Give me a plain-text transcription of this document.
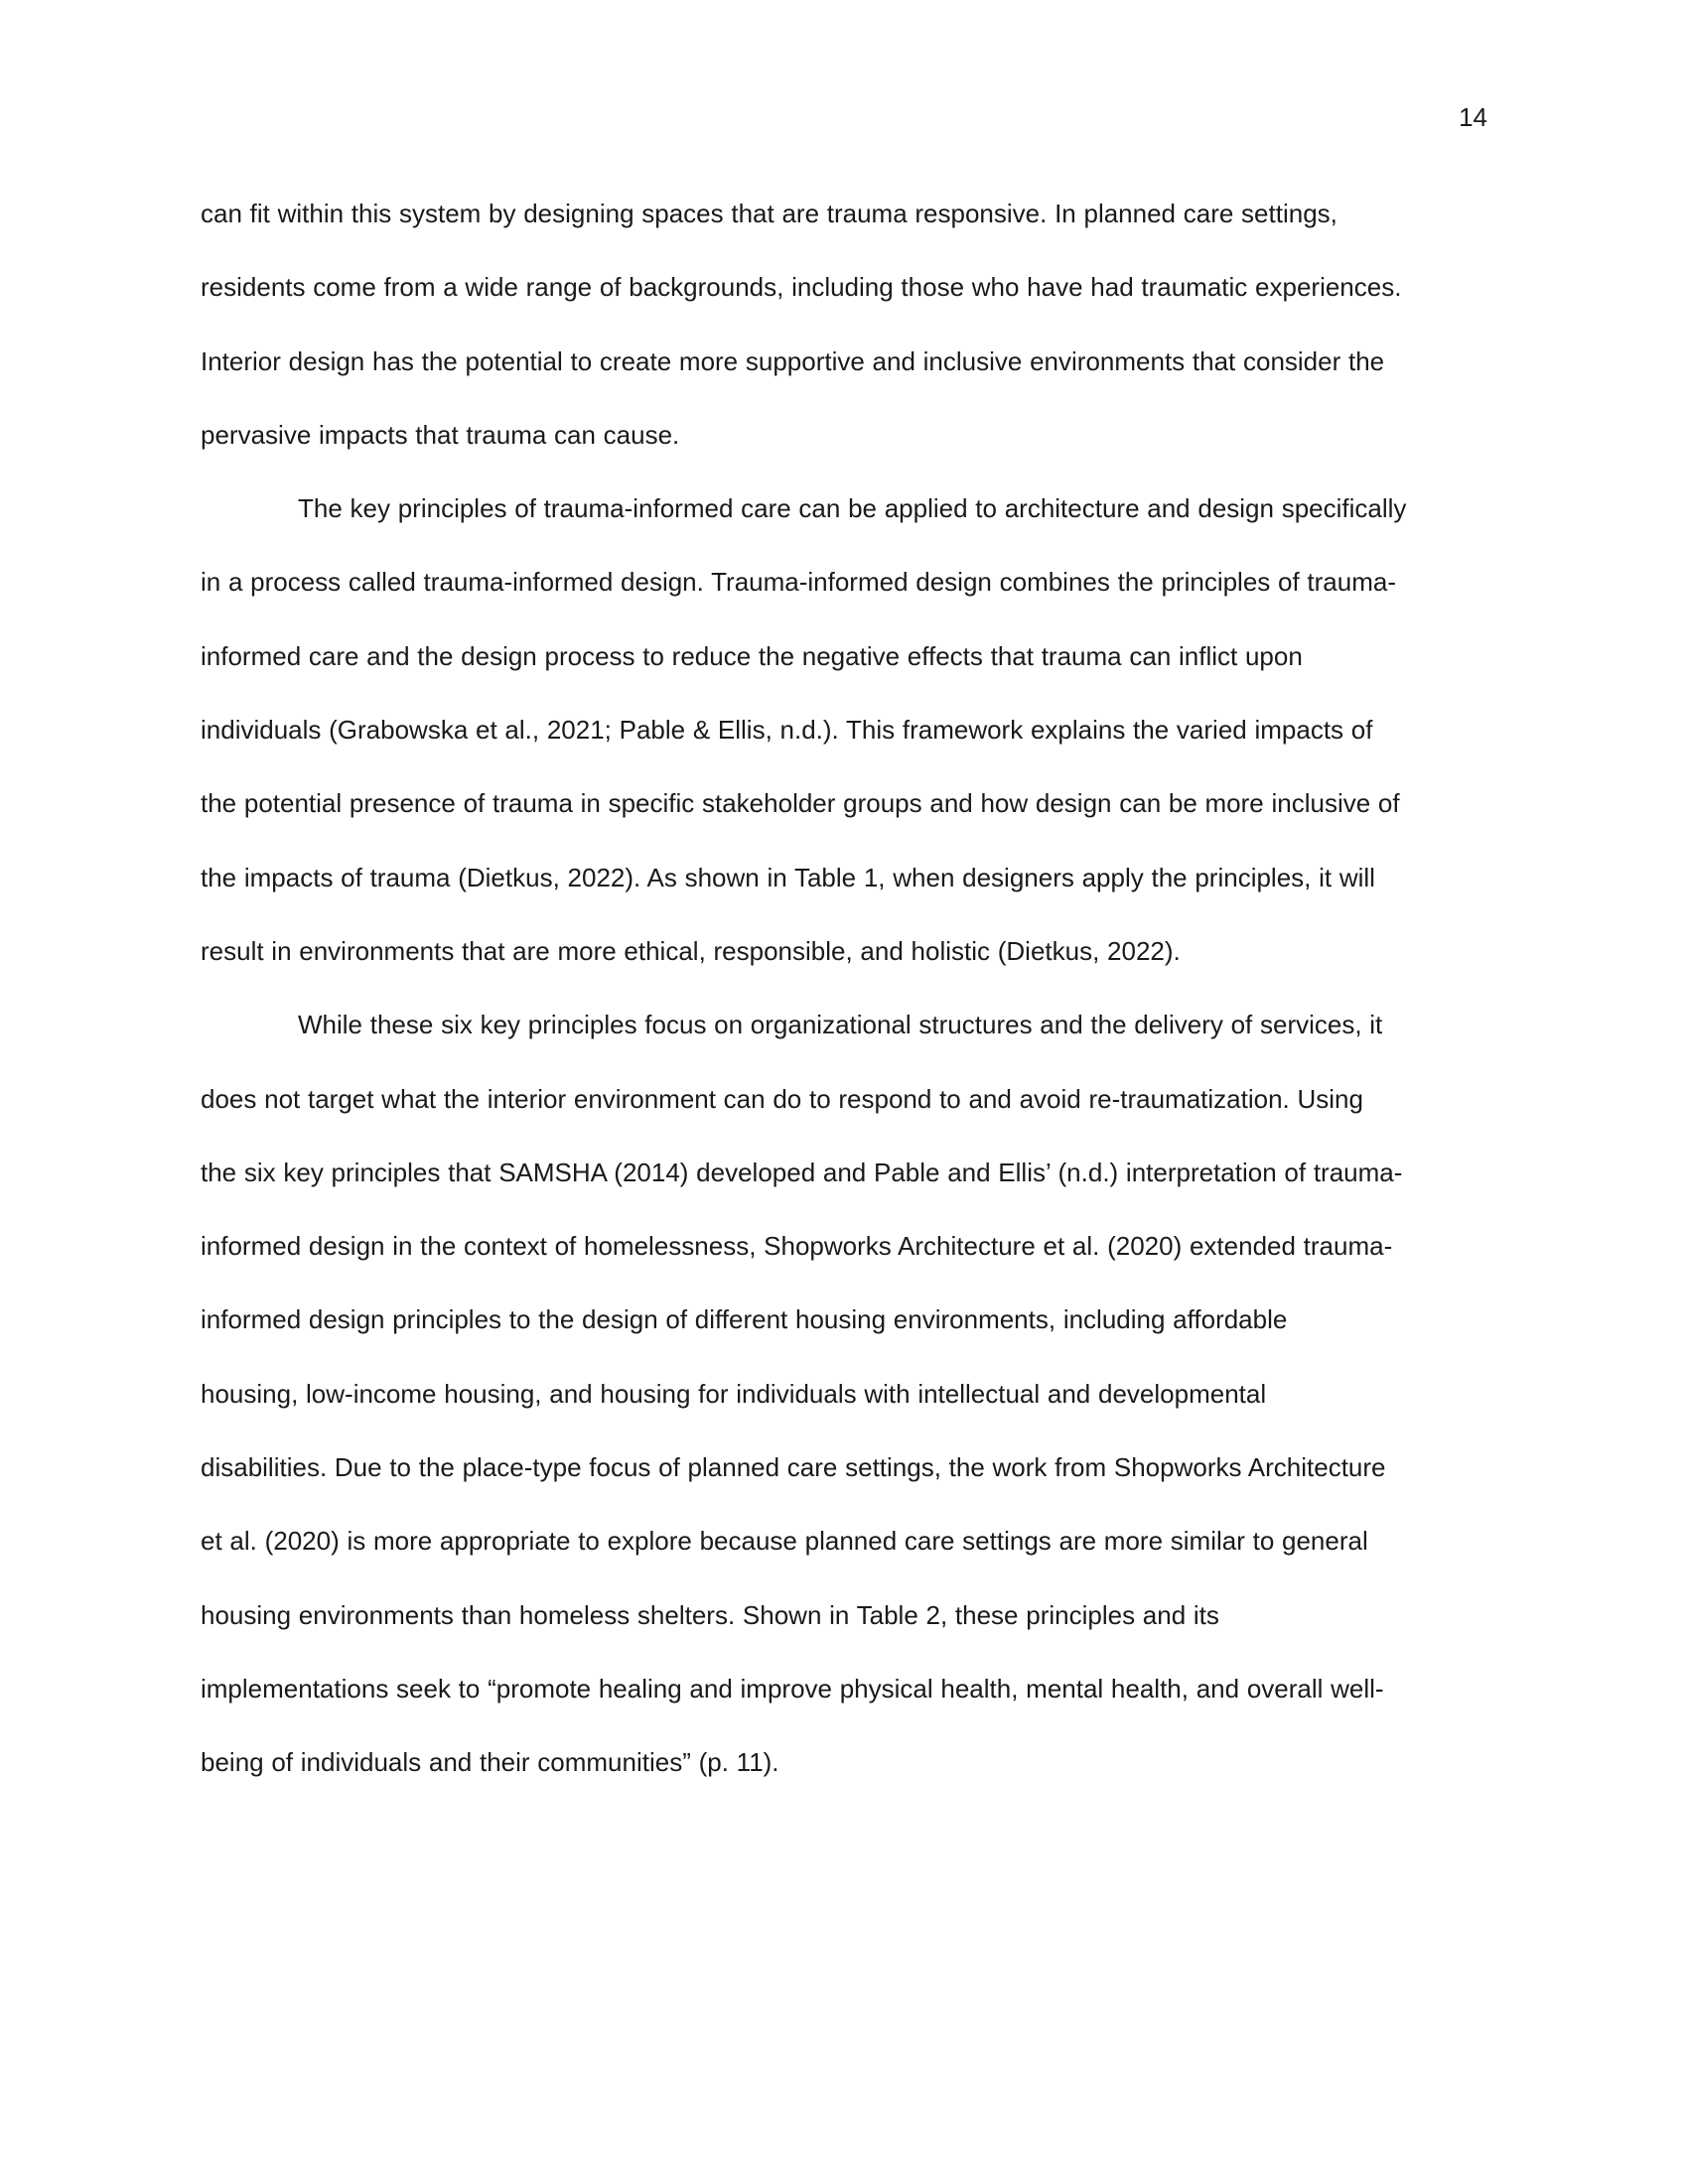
14
can fit within this system by designing spaces that are trauma responsive. In planned care settings,
residents come from a wide range of backgrounds, including those who have had traumatic experiences.
Interior design has the potential to create more supportive and inclusive environments that consider the
pervasive impacts that trauma can cause.
The key principles of trauma-informed care can be applied to architecture and design specifically
in a process called trauma-informed design. Trauma-informed design combines the principles of trauma-
informed care and the design process to reduce the negative effects that trauma can inflict upon
individuals (Grabowska et al., 2021; Pable & Ellis, n.d.). This framework explains the varied impacts of
the potential presence of trauma in specific stakeholder groups and how design can be more inclusive of
the impacts of trauma (Dietkus, 2022). As shown in Table 1, when designers apply the principles, it will
result in environments that are more ethical, responsible, and holistic (Dietkus, 2022).
While these six key principles focus on organizational structures and the delivery of services, it
does not target what the interior environment can do to respond to and avoid re-traumatization. Using
the six key principles that SAMSHA (2014) developed and Pable and Ellis’ (n.d.) interpretation of trauma-
informed design in the context of homelessness, Shopworks Architecture et al. (2020) extended trauma-
informed design principles to the design of different housing environments, including affordable
housing, low-income housing, and housing for individuals with intellectual and developmental
disabilities. Due to the place-type focus of planned care settings, the work from Shopworks Architecture
et al. (2020) is more appropriate to explore because planned care settings are more similar to general
housing environments than homeless shelters. Shown in Table 2, these principles and its
implementations seek to “promote healing and improve physical health, mental health, and overall well-
being of individuals and their communities” (p. 11).
